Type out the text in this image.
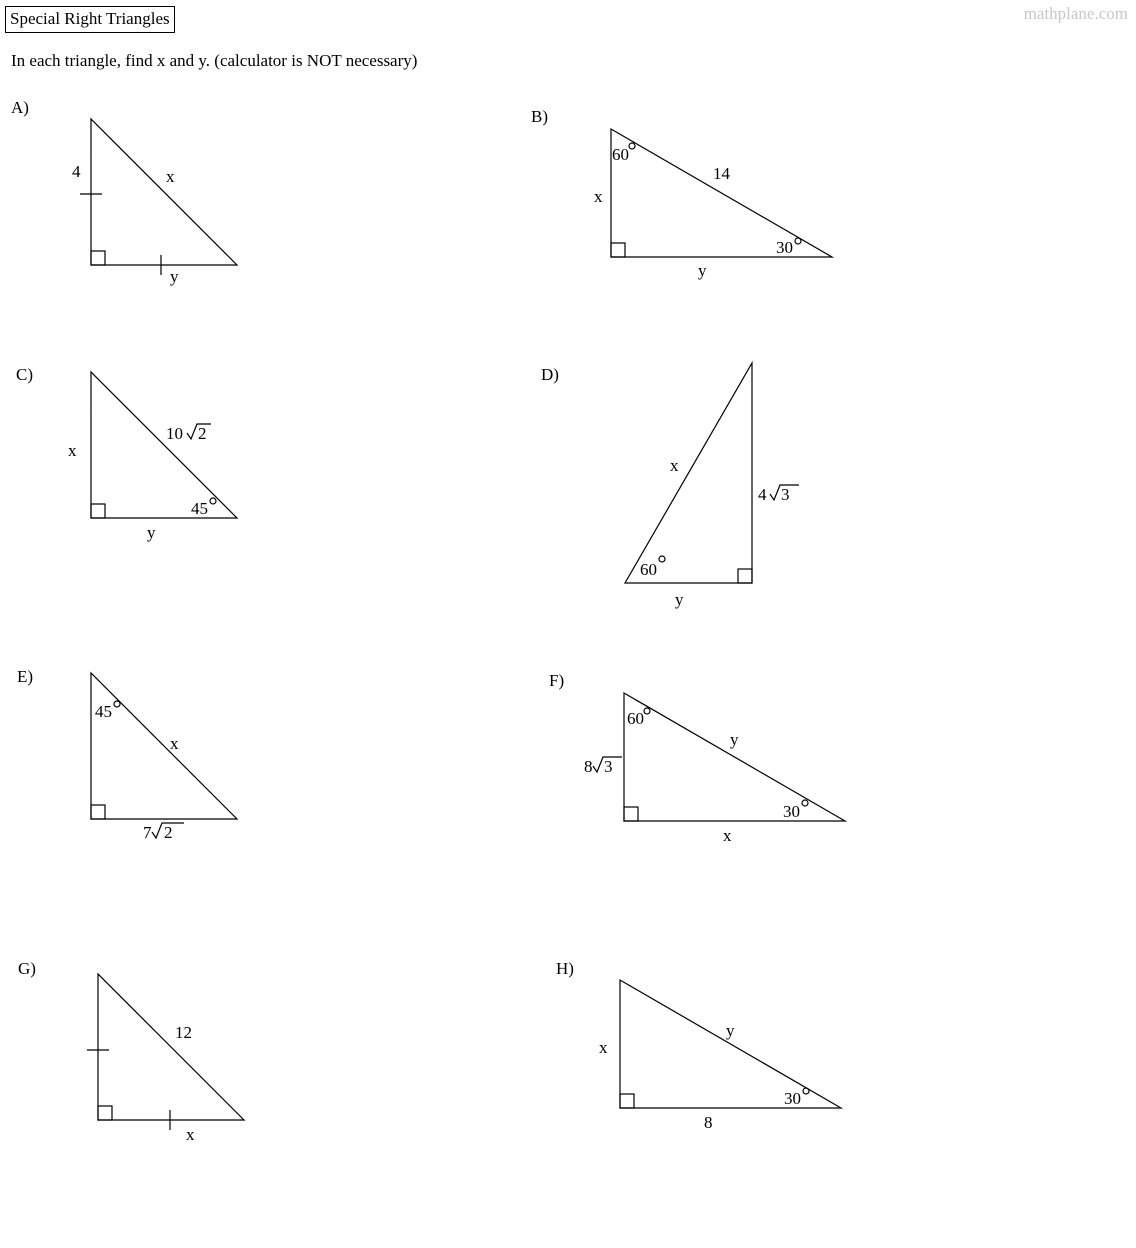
Special Right Triangles	mathplane.com
In each triangle, find x and y. (calculator is NOT necessary)
A)	B)
C)	D)
E)	F)
G)	H)
4	x
y
60
14
x
30
y
x
10 2
45
y
x
4 3
60
y
45
x
7 2
60
y
8 3
30
x
12
x
x
y
30
8
